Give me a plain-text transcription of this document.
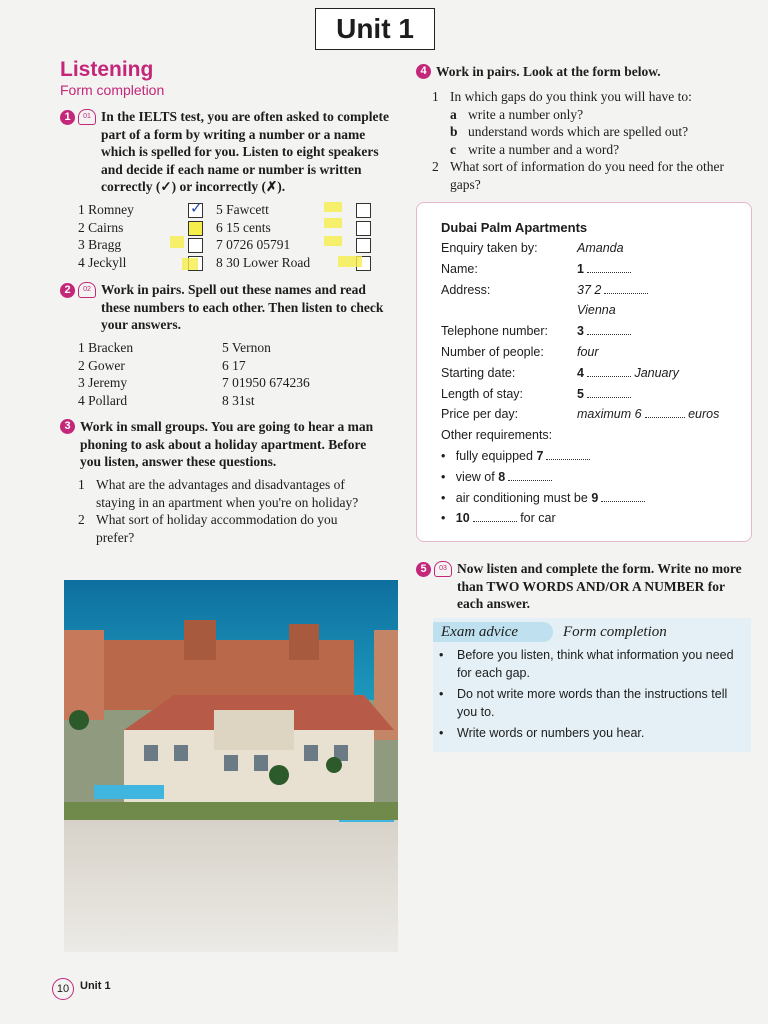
Unit 1
Listening
Form completion
1	01 In the IELTS test, you are often asked to complete part of a form by writing a number or a name which is spelled for you. Listen to eight speakers and decide if each name or number is written correctly (✓) or incorrectly (✗).
1 Romney	✓ 5 Fawcett
2 Cairns	6 15 cents
3 Bragg	7 0726 05791
4 Jeckyll	8 30 Lower Road
2	02 Work in pairs. Spell out these names and read these numbers to each other. Then listen to check your answers.
1 Bracken	5 Vernon
2 Gower	6 17
3 Jeremy	7 01950 674236
4 Pollard	8 31st
3 Work in small groups. You are going to hear a man phoning to ask about a holiday apartment. Before you listen, answer these questions.
1 What are the advantages and disadvantages of staying in an apartment when you're on holiday?
2 What sort of holiday accommodation do you prefer?
4 Work in pairs. Look at the form below.
1 In which gaps do you think you will have to:
a write a number only?
b understand words which are spelled out?
c write a number and a word?
2 What sort of information do you need for the other gaps?
Dubai Palm Apartments
Enquiry taken by:	Amanda
Name:	1
Address:	37 2
Vienna
Telephone number:	3
Number of people:	four
Starting date:	4	January
Length of stay:	5
Price per day:	maximum 6	euros
Other requirements:
•   fully equipped 7
•   view of 8
•   air conditioning must be 9
•   10	for car
5	03 Now listen and complete the form. Write no more than TWO WORDS AND/OR A NUMBER for each answer.
Exam advice	Form completion
•	Before you listen, think what information you need for each gap.
•	Do not write more words than the instructions tell you to.
•	Write words or numbers you hear.
10 Unit 1
